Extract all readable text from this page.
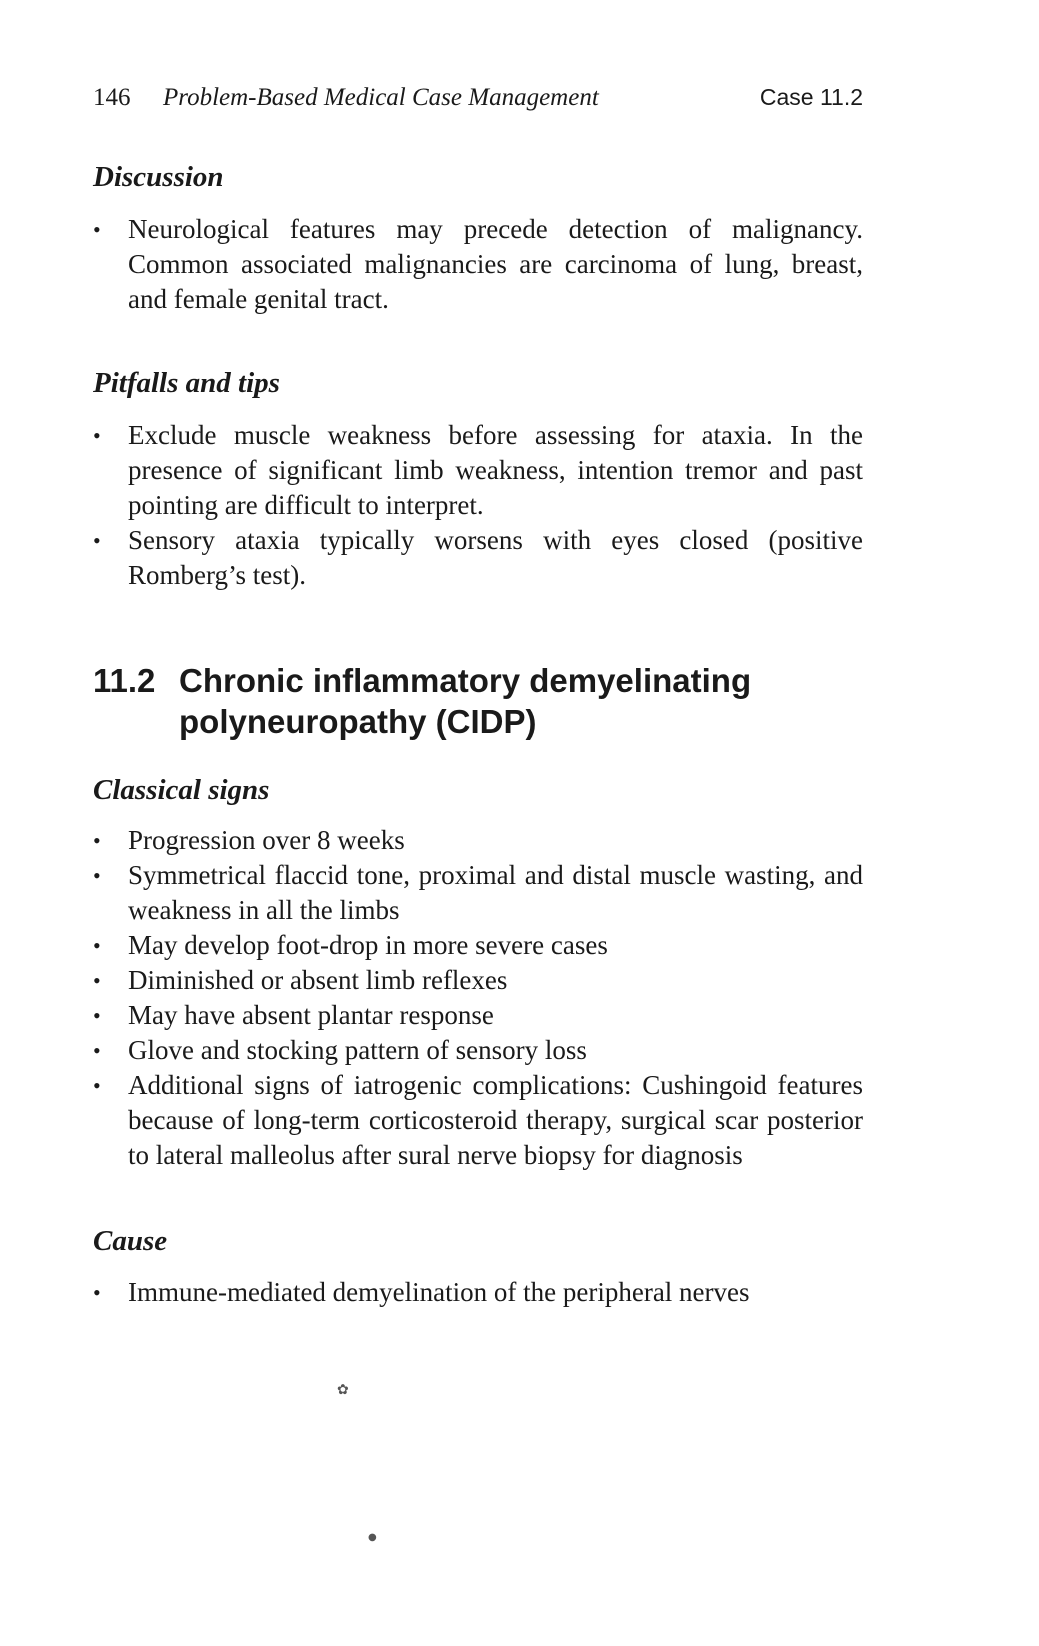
146 Problem-Based Medical Case Management	Case 11.2
Discussion
• Neurological features may precede detection of malignancy. Common associated malignancies are carcinoma of lung, breast, and female genital tract.
Pitfalls and tips
• Exclude muscle weakness before assessing for ataxia. In the presence of significant limb weakness, intention tremor and past pointing are difficult to interpret.
• Sensory ataxia typically worsens with eyes closed (positive Romberg’s test).
11.2 Chronic inflammatory demyelinating polyneuropathy (CIDP)
Classical signs
• Progression over 8 weeks
• Symmetrical flaccid tone, proximal and distal muscle wasting, and weakness in all the limbs
• May develop foot-drop in more severe cases
• Diminished or absent limb reflexes
• May have absent plantar response
• Glove and stocking pattern of sensory loss
• Additional signs of iatrogenic complications: Cushingoid features because of long-term corticosteroid therapy, surgical scar posterior to lateral malleolus after sural nerve biopsy for diagnosis
Cause
• Immune-mediated demyelination of the peripheral nerves
✿
●
